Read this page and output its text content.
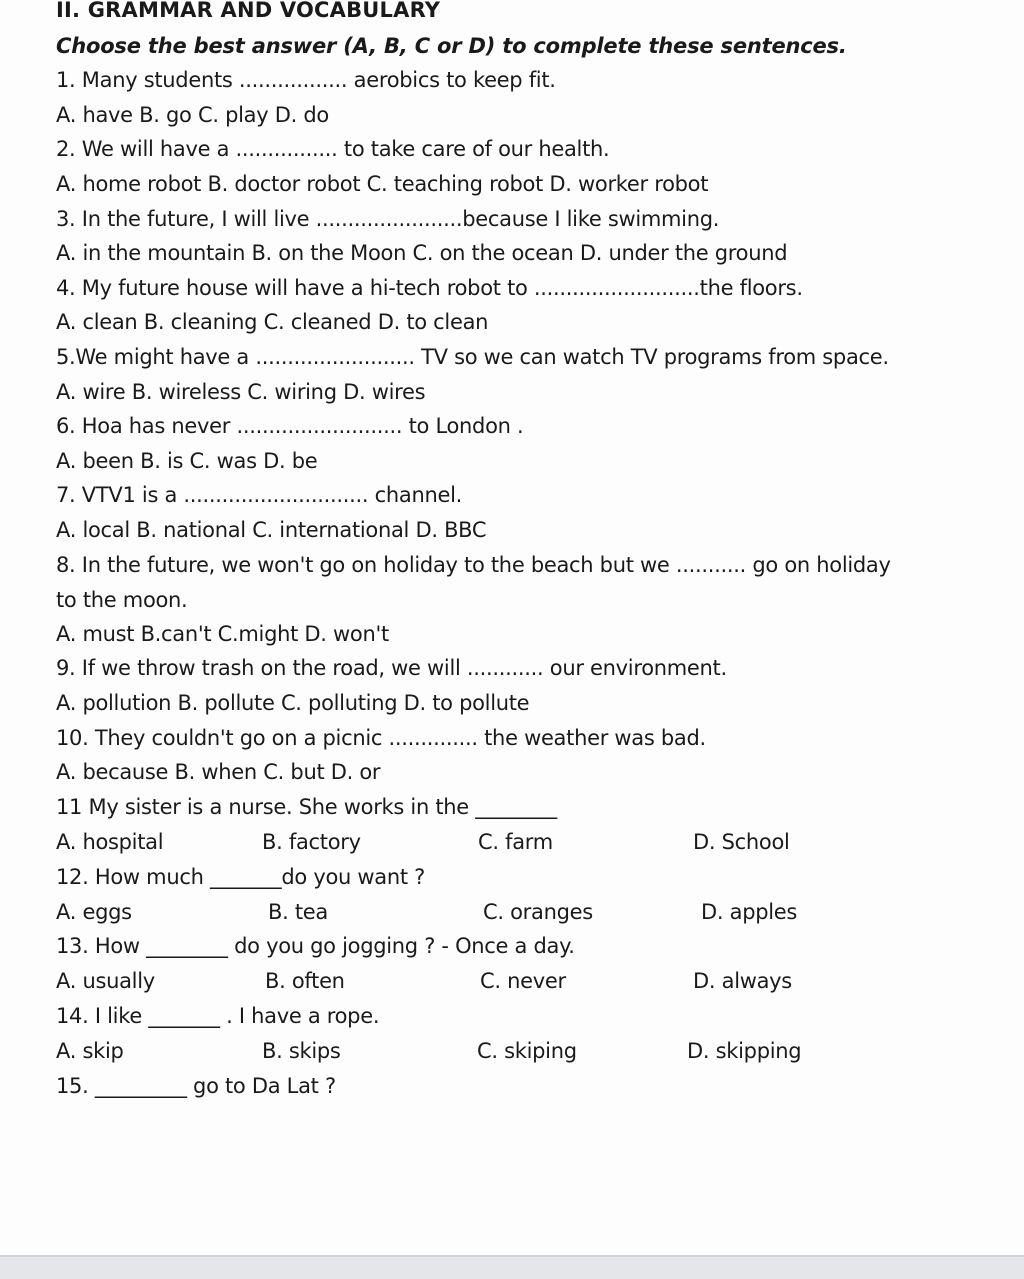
II. GRAMMAR AND VOCABULARY
Choose the best answer (A, B, C or D) to complete these sentences.
1. Many students ................. aerobics to keep fit.
A. have B. go C. play D. do
2. We will have a ................ to take care of our health.
A. home robot B. doctor robot C. teaching robot D. worker robot
3. In the future, I will live .......................because I like swimming.
A. in the mountain B. on the Moon C. on the ocean D. under the ground
4. My future house will have a hi-tech robot to ..........................the floors.
A. clean B. cleaning C. cleaned D. to clean
5.We might have a ......................... TV so we can watch TV programs from space.
A. wire B. wireless C. wiring D. wires
6. Hoa has never .......................... to London .
A. been B. is C. was D. be
7. VTV1 is a ............................. channel.
A. local B. national C. international D. BBC
8. In the future, we won't go on holiday to the beach but we ........... go on holiday
to the moon.
A. must B.can't C.might D. won't
9. If we throw trash on the road, we will ............ our environment.
A. pollution B. pollute C. polluting D. to pollute
10. They couldn't go on a picnic .............. the weather was bad.
A. because B. when C. but D. or
11 My sister is a nurse. She works in the ________
A. hospital	B. factory	C. farm	D. School
12. How much _______do you want ?
A. eggs	B. tea	C. oranges	D. apples
13. How ________ do you go jogging ? - Once a day.
A. usually	B. often	C. never	D. always
14. I like _______ . I have a rope.
A. skip	B. skips	C. skiping	D. skipping
15. _________ go to Da Lat ?
